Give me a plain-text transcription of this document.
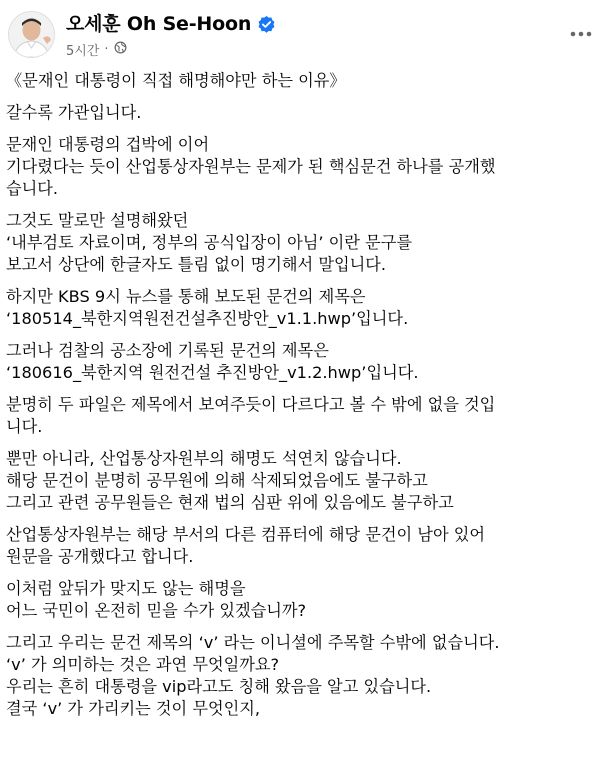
오세훈 Oh Se-Hoon
5시간 ·
《문재인 대통령이 직접 해명해야만 하는 이유》
갈수록 가관입니다.
문재인 대통령의 겁박에 이어
기다렸다는 듯이 산업통상자원부는 문제가 된 핵심문건 하나를 공개했
습니다.
그것도 말로만 설명해왔던
‘내부검토 자료이며, 정부의 공식입장이 아님’ 이란 문구를
보고서 상단에 한글자도 틀림 없이 명기해서 말입니다.
하지만 KBS 9시 뉴스를 통해 보도된 문건의 제목은
‘180514_북한지역원전건설추진방안_v1.1.hwp’입니다.
그러나 검찰의 공소장에 기록된 문건의 제목은
‘180616_북한지역 원전건설 추진방안_v1.2.hwp’입니다.
분명히 두 파일은 제목에서 보여주듯이 다르다고 볼 수 밖에 없을 것입
니다.
뿐만 아니라, 산업통상자원부의 해명도 석연치 않습니다.
해당 문건이 분명히 공무원에 의해 삭제되었음에도 불구하고
그리고 관련 공무원들은 현재 법의 심판 위에 있음에도 불구하고
산업통상자원부는 해당 부서의 다른 컴퓨터에 해당 문건이 남아 있어
원문을 공개했다고 합니다.
이처럼 앞뒤가 맞지도 않는 해명을
어느 국민이 온전히 믿을 수가 있겠습니까?
그리고 우리는 문건 제목의 ‘v’ 라는 이니셜에 주목할 수밖에 없습니다.
‘v’ 가 의미하는 것은 과연 무엇일까요?
우리는 흔히 대통령을 vip라고도 칭해 왔음을 알고 있습니다.
결국 ‘v’ 가 가리키는 것이 무엇인지,
